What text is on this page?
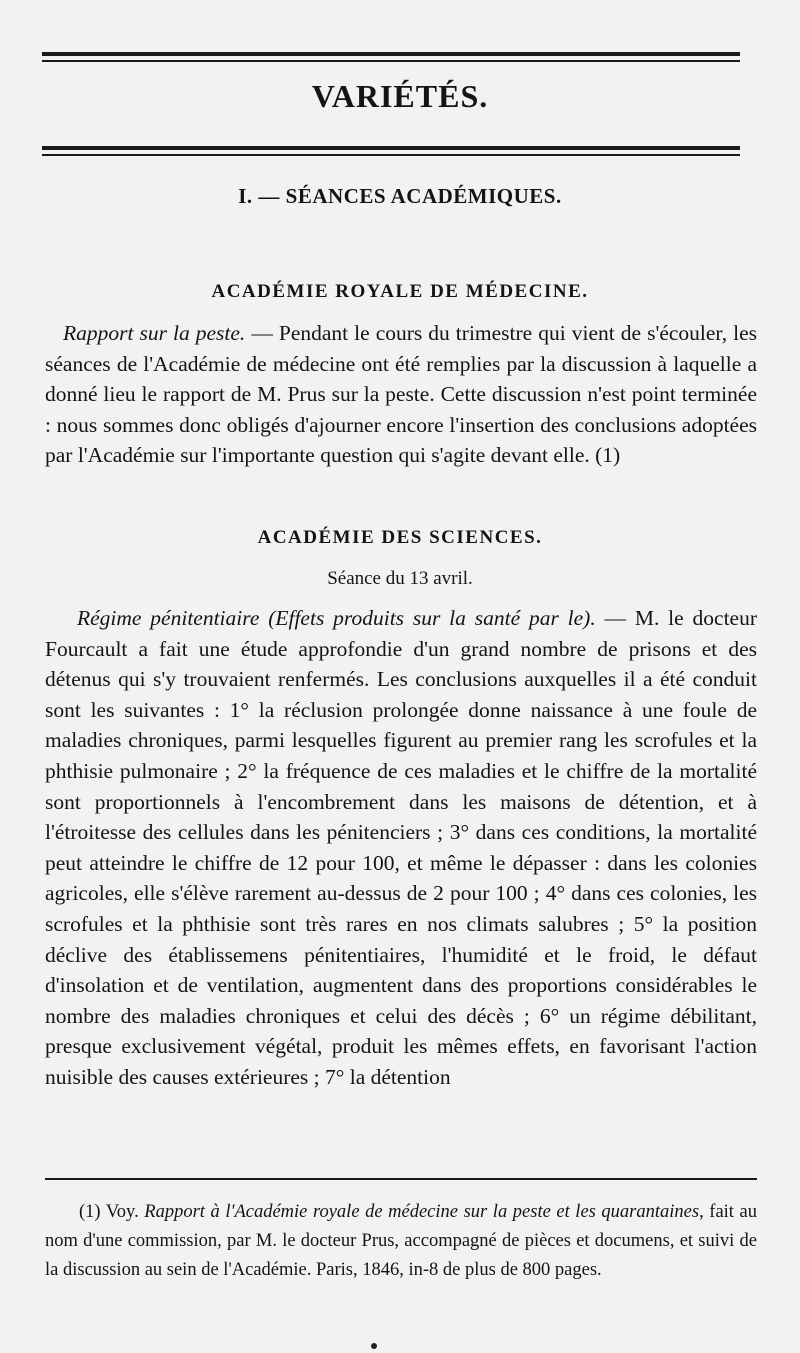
VARIÉTÉS.
I. — SÉANCES ACADÉMIQUES.
ACADÉMIE ROYALE DE MÉDECINE.
Rapport sur la peste. — Pendant le cours du trimestre qui vient de s'écouler, les séances de l'Académie de médecine ont été remplies par la discussion à laquelle a donné lieu le rapport de M. Prus sur la peste. Cette discussion n'est point terminée : nous sommes donc obligés d'ajourner encore l'insertion des conclusions adoptées par l'Académie sur l'importante question qui s'agite devant elle. (1)
ACADÉMIE DES SCIENCES.
Séance du 13 avril.
Régime pénitentiaire (Effets produits sur la santé par le). — M. le docteur Fourcault a fait une étude approfondie d'un grand nombre de prisons et des détenus qui s'y trouvaient renfermés. Les conclusions auxquelles il a été conduit sont les suivantes : 1° la réclusion prolongée donne naissance à une foule de maladies chroniques, parmi lesquelles figurent au premier rang les scrofules et la phthisie pulmonaire ; 2° la fréquence de ces maladies et le chiffre de la mortalité sont proportionnels à l'encombrement dans les maisons de détention, et à l'étroitesse des cellules dans les pénitenciers ; 3° dans ces conditions, la mortalité peut atteindre le chiffre de 12 pour 100, et même le dépasser : dans les colonies agricoles, elle s'élève rarement au-dessus de 2 pour 100 ; 4° dans ces colonies, les scrofules et la phthisie sont très rares en nos climats salubres ; 5° la position déclive des établissemens pénitentiaires, l'humidité et le froid, le défaut d'insolation et de ventilation, augmentent dans des proportions considérables le nombre des maladies chroniques et celui des décès ; 6° un régime débilitant, presque exclusivement végétal, produit les mêmes effets, en favorisant l'action nuisible des causes extérieures ; 7° la détention
(1) Voy. Rapport à l'Académie royale de médecine sur la peste et les quarantaines, fait au nom d'une commission, par M. le docteur Prus, accompagné de pièces et documens, et suivi de la discussion au sein de l'Académie. Paris, 1846, in-8 de plus de 800 pages.
